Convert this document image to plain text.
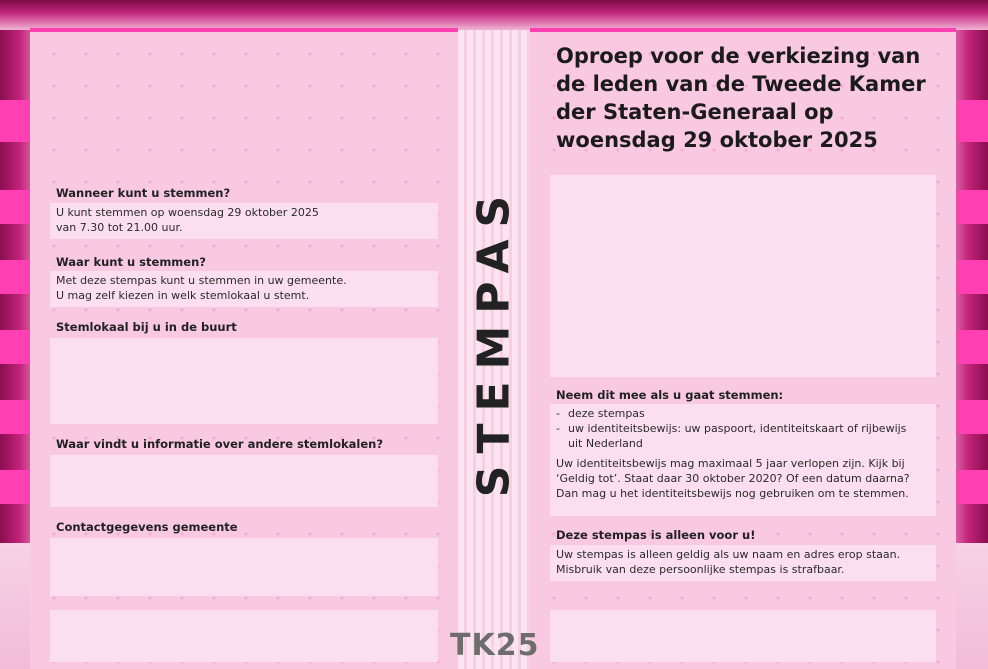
Wanneer kunt u stemmen?
U kunt stemmen op woensdag 29 oktober 2025
van 7.30 tot 21.00 uur.
Waar kunt u stemmen?
Met deze stempas kunt u stemmen in uw gemeente.
U mag zelf kiezen in welk stemlokaal u stemt.
Stemlokaal bij u in de buurt
Waar vindt u informatie over andere stemlokalen?
Contactgegevens gemeente
STEMPAS
TK25
Oproep voor de verkiezing van
de leden van de Tweede Kamer
der Staten-Generaal op
woensdag 29 oktober 2025
Neem dit mee als u gaat stemmen:
- deze stempas
- uw identiteitsbewijs: uw paspoort, identiteitskaart of rijbewijs
uit Nederland
Uw identiteitsbewijs mag maximaal 5 jaar verlopen zijn. Kijk bij
‘Geldig tot’. Staat daar 30 oktober 2020? Of een datum daarna?
Dan mag u het identiteitsbewijs nog gebruiken om te stemmen.
Deze stempas is alleen voor u!
Uw stempas is alleen geldig als uw naam en adres erop staan.
Misbruik van deze persoonlijke stempas is strafbaar.
